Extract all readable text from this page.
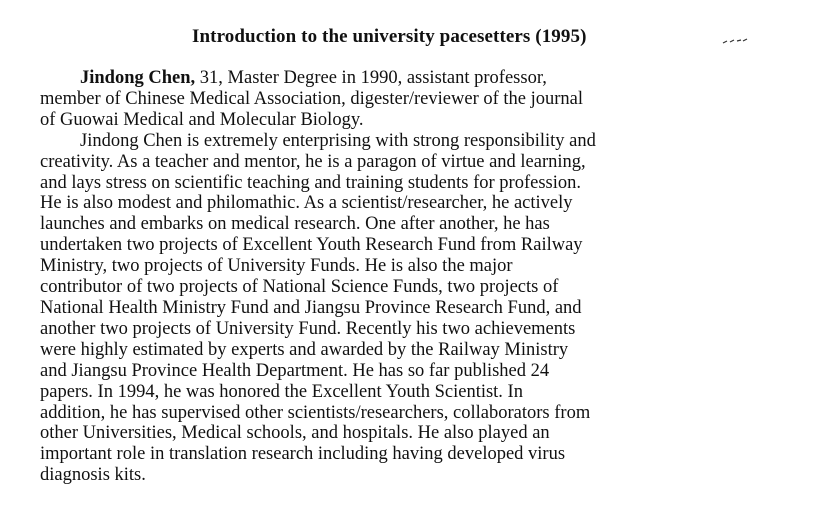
Introduction to the university pacesetters (1995)
Jindong Chen, 31, Master Degree in 1990, assistant professor,
member of Chinese Medical Association, digester/reviewer of the journal
of Guowai Medical and Molecular Biology.
Jindong Chen is extremely enterprising with strong responsibility and
creativity. As a teacher and mentor, he is a paragon of virtue and learning,
and lays stress on scientific teaching and training students for profession.
He is also modest and philomathic. As a scientist/researcher, he actively
launches and embarks on medical research. One after another, he has
undertaken two projects of Excellent Youth Research Fund from Railway
Ministry, two projects of University Funds. He is also the major
contributor of two projects of National Science Funds, two projects of
National Health Ministry Fund and Jiangsu Province Research Fund, and
another two projects of University Fund. Recently his two achievements
were highly estimated by experts and awarded by the Railway Ministry
and Jiangsu Province Health Department. He has so far published 24
papers. In 1994, he was honored the Excellent Youth Scientist. In
addition, he has supervised other scientists/researchers, collaborators from
other Universities, Medical schools, and hospitals. He also played an
important role in translation research including having developed virus
diagnosis kits.
